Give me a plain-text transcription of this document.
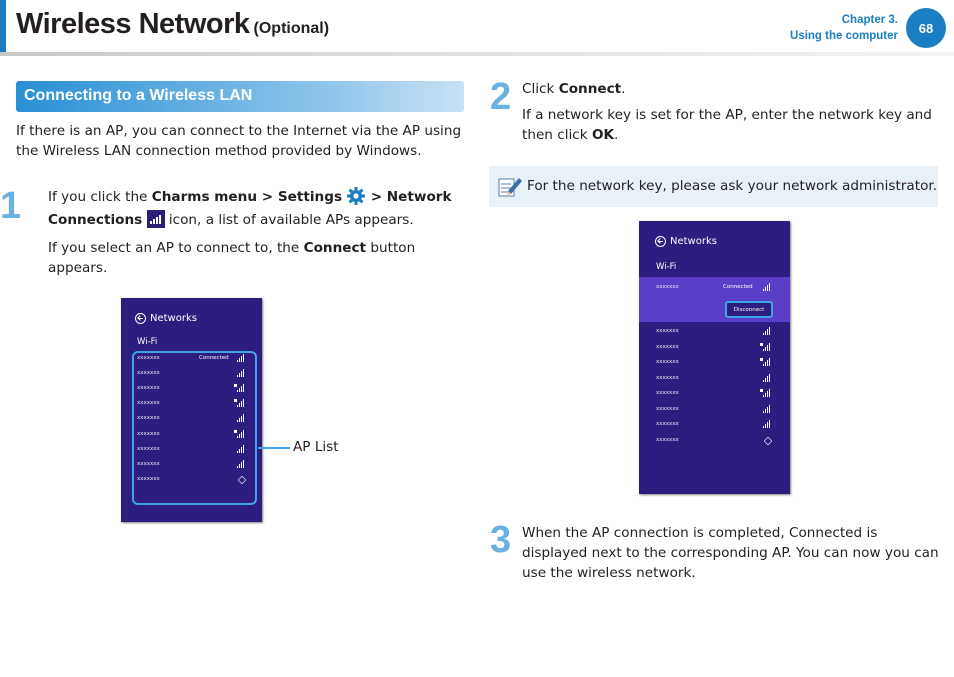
Wireless Network (Optional)	Chapter 3.
Using the computer
68
Connecting to a Wireless LAN
If there is an AP, you can connect to the Internet via the AP using
the Wireless LAN connection method provided by Windows.
1 If you click the Charms menu > Settings  > Network
Connections
icon, a list of available APs appears.
If you select an AP to connect to, the Connect button
appears.
Networks
Wi-Fi
xxxxxxx	Connected
xxxxxxx
xxxxxxx
xxxxxxx
xxxxxxx
xxxxxxx
xxxxxxx
xxxxxxx
xxxxxxx
AP List
2 Click Connect.
If a network key is set for the AP, enter the network key and
then click OK.
For the network key, please ask your network administrator.
Networks
Wi-Fi
Disconnect
xxxxxxx	Connected
xxxxxxx
xxxxxxx
xxxxxxx
xxxxxxx
xxxxxxx
xxxxxxx
xxxxxxx
xxxxxxx
3 When the AP connection is completed, Connected is
displayed next to the corresponding AP. You can now you can
use the wireless network.
